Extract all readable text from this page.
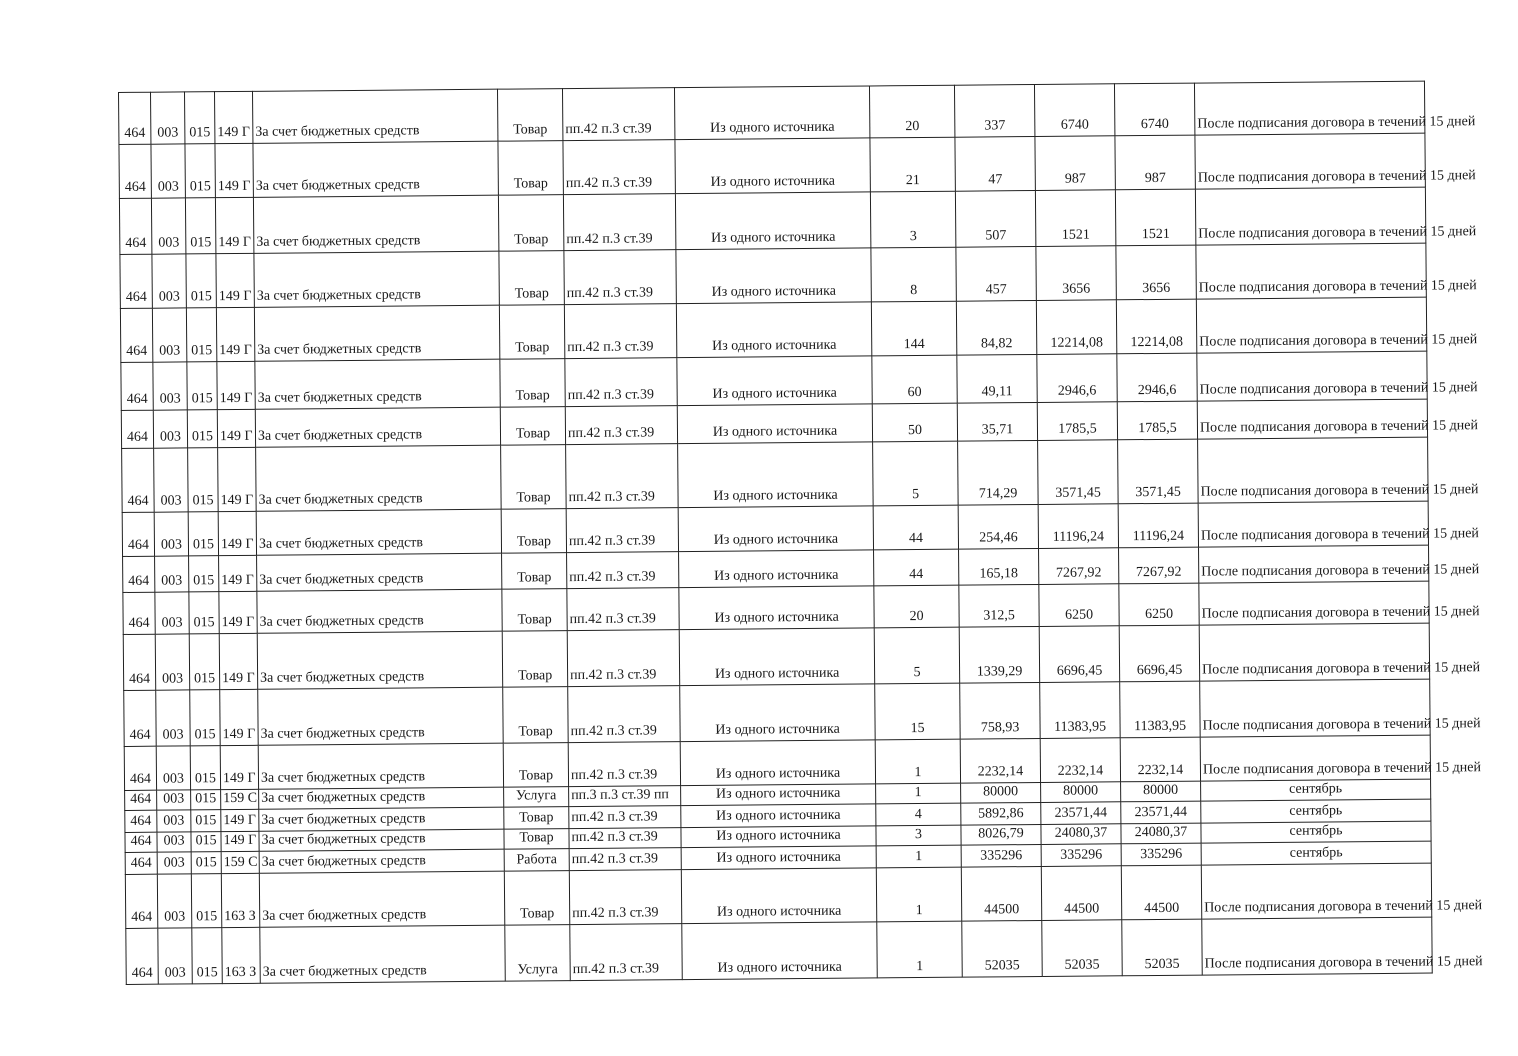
464	003	015	149 Г	За счет бюджетных средств	Товар	пп.42 п.3 ст.39	Из одного источника	20	337	6740	6740	После подписания договора в течений 15 дней
464	003	015	149 Г	За счет бюджетных средств	Товар	пп.42 п.3 ст.39	Из одного источника	21	47	987	987	После подписания договора в течений 15 дней
464	003	015	149 Г	За счет бюджетных средств	Товар	пп.42 п.3 ст.39	Из одного источника	3	507	1521	1521	После подписания договора в течений 15 дней
464	003	015	149 Г	За счет бюджетных средств	Товар	пп.42 п.3 ст.39	Из одного источника	8	457	3656	3656	После подписания договора в течений 15 дней
464	003	015	149 Г	За счет бюджетных средств	Товар	пп.42 п.3 ст.39	Из одного источника	144	84,82	12214,08	12214,08	После подписания договора в течений 15 дней
464	003	015	149 Г	За счет бюджетных средств	Товар	пп.42 п.3 ст.39	Из одного источника	60	49,11	2946,6	2946,6	После подписания договора в течений 15 дней
464	003	015	149 Г	За счет бюджетных средств	Товар	пп.42 п.3 ст.39	Из одного источника	50	35,71	1785,5	1785,5	После подписания договора в течений 15 дней
464	003	015	149 Г	За счет бюджетных средств	Товар	пп.42 п.3 ст.39	Из одного источника	5	714,29	3571,45	3571,45	После подписания договора в течений 15 дней
464	003	015	149 Г	За счет бюджетных средств	Товар	пп.42 п.3 ст.39	Из одного источника	44	254,46	11196,24	11196,24	После подписания договора в течений 15 дней
464	003	015	149 Г	За счет бюджетных средств	Товар	пп.42 п.3 ст.39	Из одного источника	44	165,18	7267,92	7267,92	После подписания договора в течений 15 дней
464	003	015	149 Г	За счет бюджетных средств	Товар	пп.42 п.3 ст.39	Из одного источника	20	312,5	6250	6250	После подписания договора в течений 15 дней
464	003	015	149 Г	За счет бюджетных средств	Товар	пп.42 п.3 ст.39	Из одного источника	5	1339,29	6696,45	6696,45	После подписания договора в течений 15 дней
464	003	015	149 Г	За счет бюджетных средств	Товар	пп.42 п.3 ст.39	Из одного источника	15	758,93	11383,95	11383,95	После подписания договора в течений 15 дней
464	003	015	149 Г	За счет бюджетных средств	Товар	пп.42 п.3 ст.39	Из одного источника	1	2232,14	2232,14	2232,14	После подписания договора в течений 15 дней
464	003	015	159 С	За счет бюджетных средств	Услуга	пп.3 п.3 ст.39 пп	Из одного источника	1	80000	80000	80000	сентябрь
464	003	015	149 Г	За счет бюджетных средств	Товар	пп.42 п.3 ст.39	Из одного источника	4	5892,86	23571,44	23571,44	сентябрь
464	003	015	149 Г	За счет бюджетных средств	Товар	пп.42 п.3 ст.39	Из одного источника	3	8026,79	24080,37	24080,37	сентябрь
464	003	015	159 С	За счет бюджетных средств	Работа	пп.42 п.3 ст.39	Из одного источника	1	335296	335296	335296	сентябрь
464	003	015	163 З	За счет бюджетных средств	Товар	пп.42 п.3 ст.39	Из одного источника	1	44500	44500	44500	После подписания договора в течений 15 дней
464	003	015	163 З	За счет бюджетных средств	Услуга	пп.42 п.3 ст.39	Из одного источника	1	52035	52035	52035	После подписания договора в течений 15 дней
